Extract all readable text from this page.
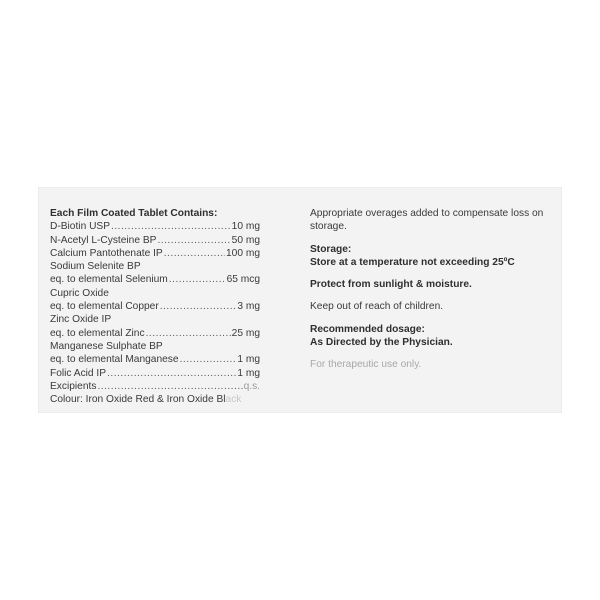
Each Film Coated Tablet Contains:
D-Biotin USP .....	10 mg
N-Acetyl L-Cysteine BP .....	50 mg
Calcium Pantothenate IP .....	100 mg
Sodium Selenite BP
eq. to elemental Selenium .....	65 mcg
Cupric Oxide
eq. to elemental Copper .....	3 mg
Zinc Oxide IP
eq. to elemental Zinc .....	25 mg
Manganese Sulphate BP
eq. to elemental Manganese .....	1 mg
Folic Acid IP .....	1 mg
Excipients .....	q.s.
Colour: Iron Oxide Red & Iron Oxide Black
Appropriate overages added to compensate loss on storage.
Storage:
Store at a temperature not exceeding 25ºC
Protect from sunlight & moisture.
Keep out of reach of children.
Recommended dosage:
As Directed by the Physician.
For therapeutic use only.
